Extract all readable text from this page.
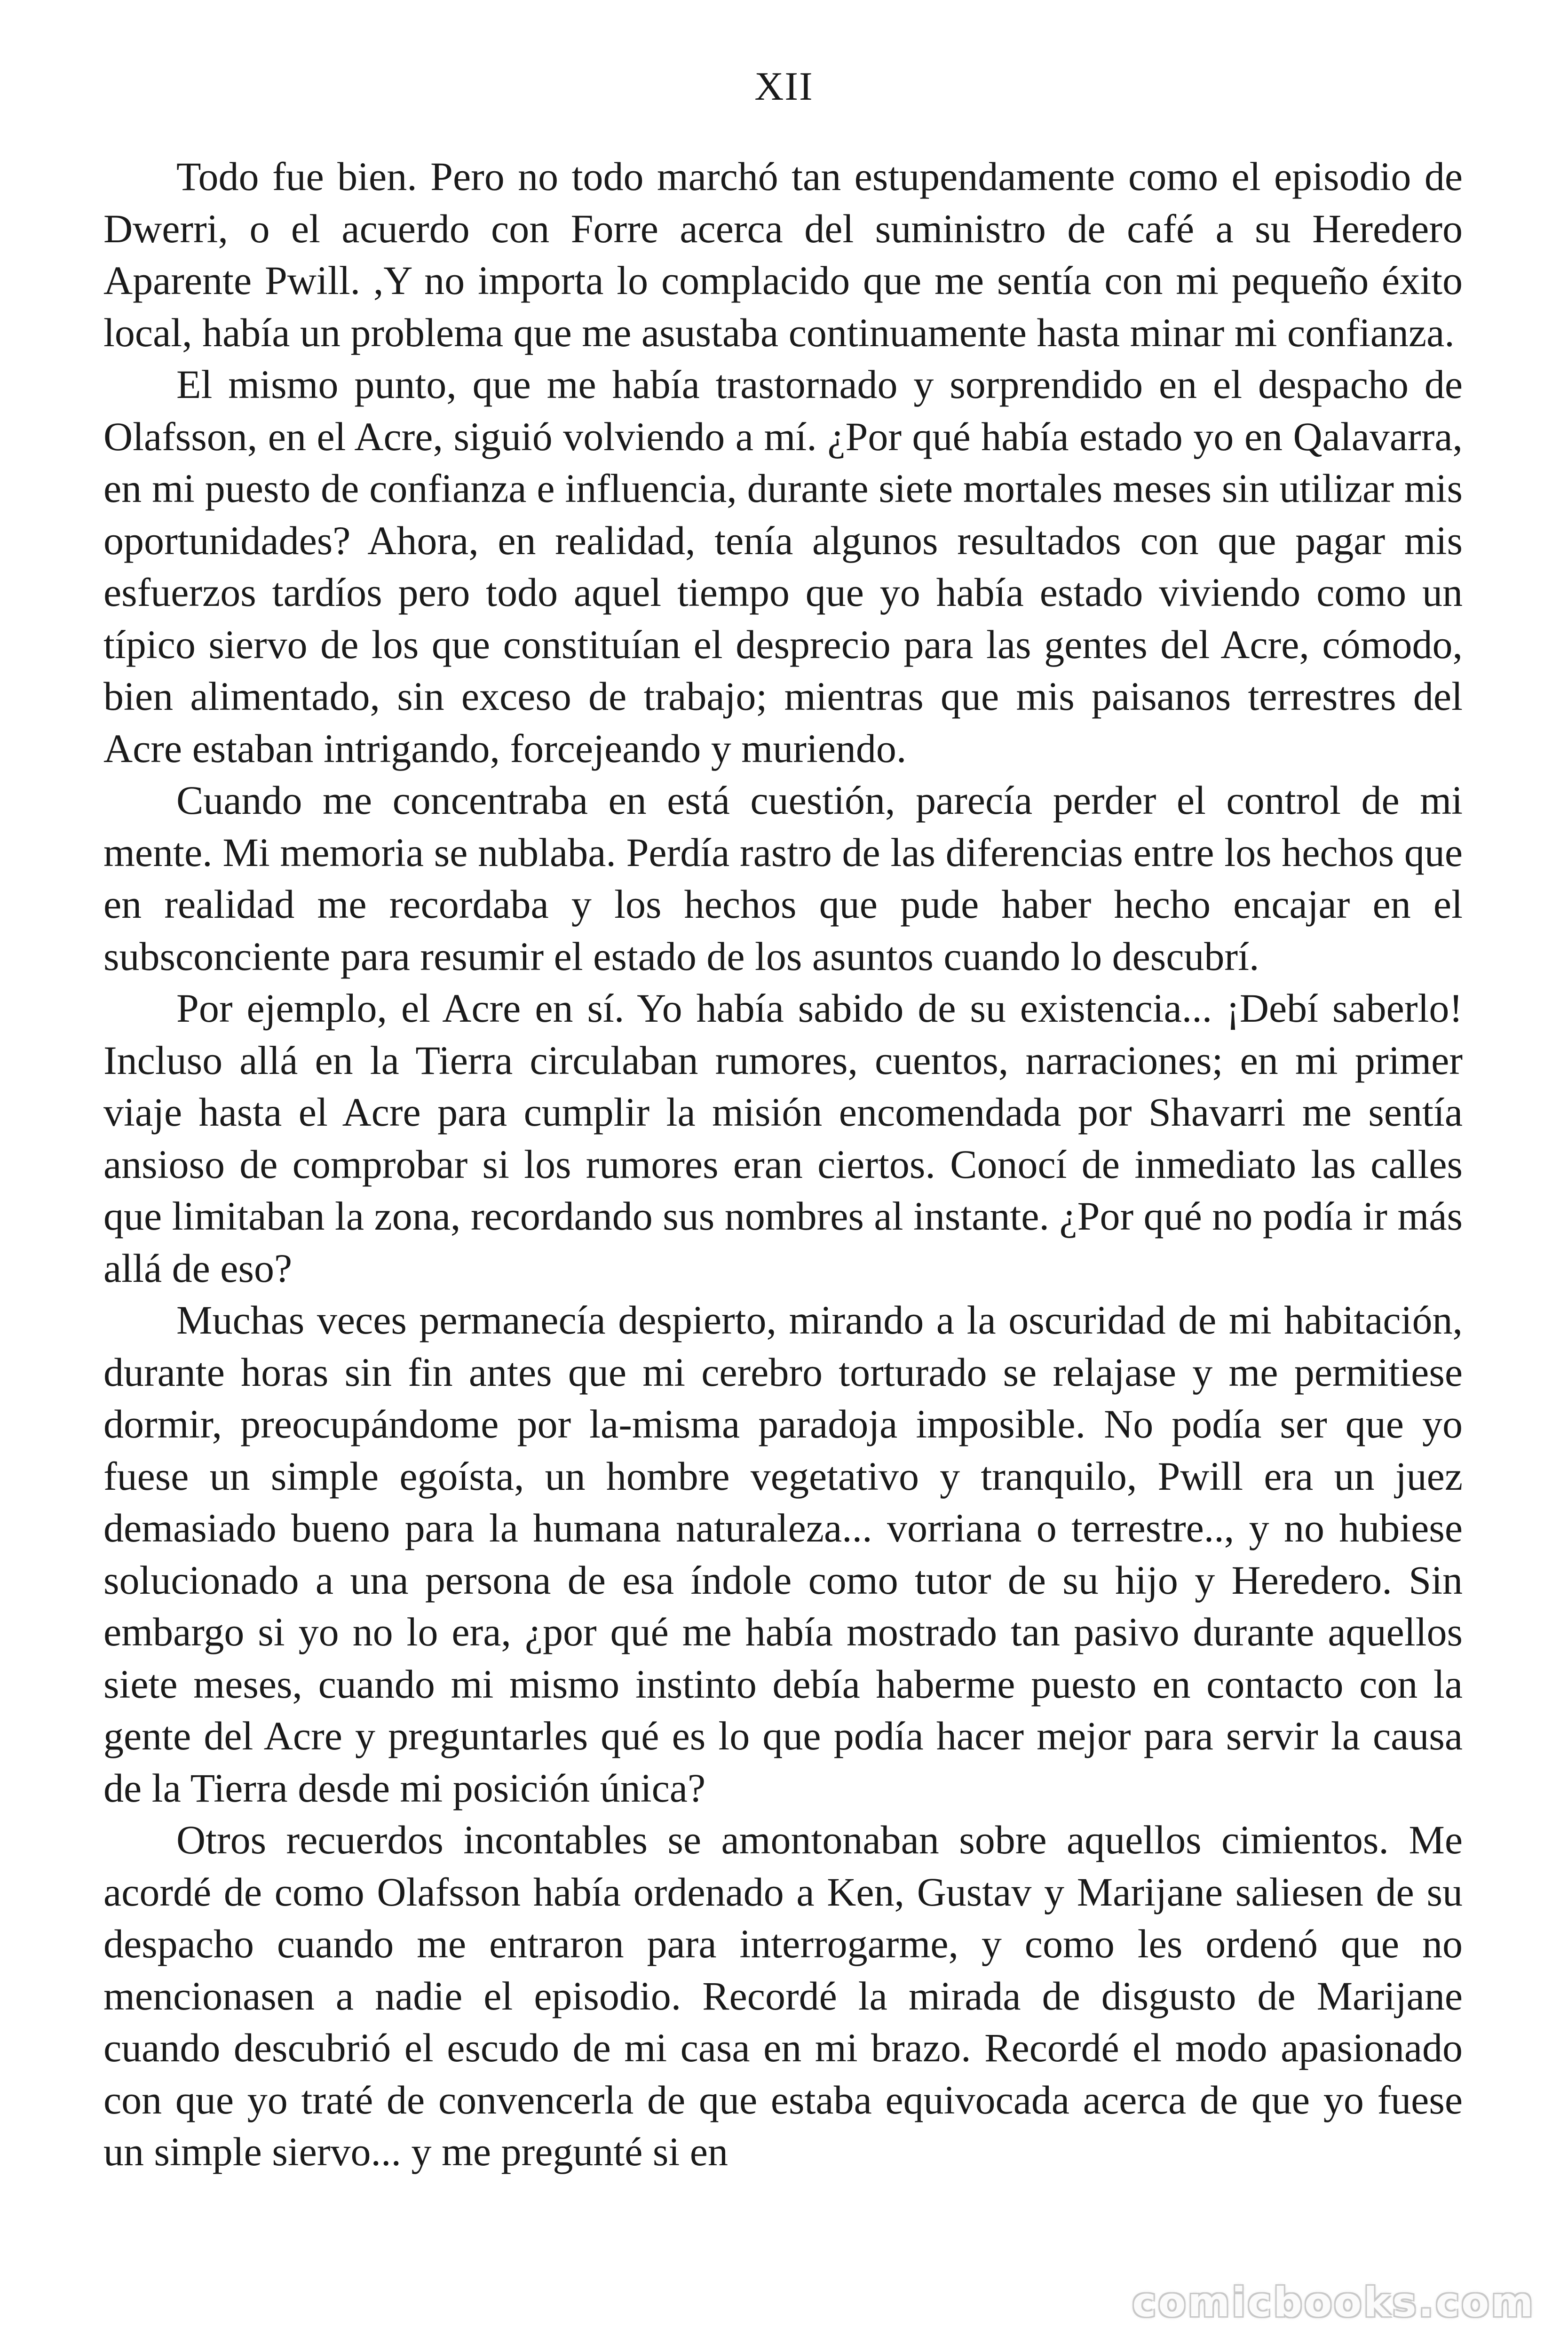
XII

Todo fue bien. Pero no todo marchó tan estupendamente como el episodio de Dwerri, o el acuerdo con Forre acerca del suministro de café a su Heredero Aparente Pwill. ,Y no importa lo complacido que me sentía con mi pequeño éxito local, había un problema que me asustaba continuamente hasta minar mi confianza.

El mismo punto, que me había trastornado y sorprendido en el despacho de Olafsson, en el Acre, siguió volviendo a mí. ¿Por qué había estado yo en Qalavarra, en mi puesto de confianza e influencia, durante siete mortales meses sin utilizar mis oportunidades? Ahora, en realidad, tenía algunos resultados con que pagar mis esfuerzos tardíos pero todo aquel tiempo que yo había estado viviendo como un típico siervo de los que constituían el desprecio para las gentes del Acre, cómodo, bien alimentado, sin exceso de trabajo; mientras que mis paisanos terrestres del Acre estaban intrigando, forcejeando y muriendo.

Cuando me concentraba en está cuestión, parecía perder el control de mi mente. Mi memoria se nublaba. Perdía rastro de las diferencias entre los hechos que en realidad me recordaba y los hechos que pude haber hecho encajar en el subsconciente para resumir el estado de los asuntos cuando lo descubrí.

Por ejemplo, el Acre en sí. Yo había sabido de su existencia... ¡Debí saberlo! Incluso allá en la Tierra circulaban rumores, cuentos, narraciones; en mi primer viaje hasta el Acre para cumplir la misión encomendada por Shavarri me sentía ansioso de comprobar si los rumores eran ciertos. Conocí de inmediato las calles que limitaban la zona, recordando sus nombres al instante. ¿Por qué no podía ir más allá de eso?

Muchas veces permanecía despierto, mirando a la oscuridad de mi habitación, durante horas sin fin antes que mi cerebro torturado se relajase y me permitiese dormir, preocupándome por la-misma paradoja imposible. No podía ser que yo fuese un simple egoísta, un hombre vegetativo y tranquilo, Pwill era un juez demasiado bueno para la humana naturaleza... vorriana o terrestre.., y no hubiese solucionado a una persona de esa índole como tutor de su hijo y Heredero. Sin embargo si yo no lo era, ¿por qué me había mostrado tan pasivo durante aquellos siete meses, cuando mi mismo instinto debía haberme puesto en contacto con la gente del Acre y preguntarles qué es lo que podía hacer mejor para servir la causa de la Tierra desde mi posición única?

Otros recuerdos incontables se amontonaban sobre aquellos cimientos. Me acordé de como Olafsson había ordenado a Ken, Gustav y Marijane saliesen de su despacho cuando me entraron para interrogarme, y como les ordenó que no mencionasen a nadie el episodio. Recordé la mirada de disgusto de Marijane cuando descubrió el escudo de mi casa en mi brazo. Recordé el modo apasionado con que yo traté de convencerla de que estaba equivocada acerca de que yo fuese un simple siervo... y me pregunté si en

comicbooks.com
